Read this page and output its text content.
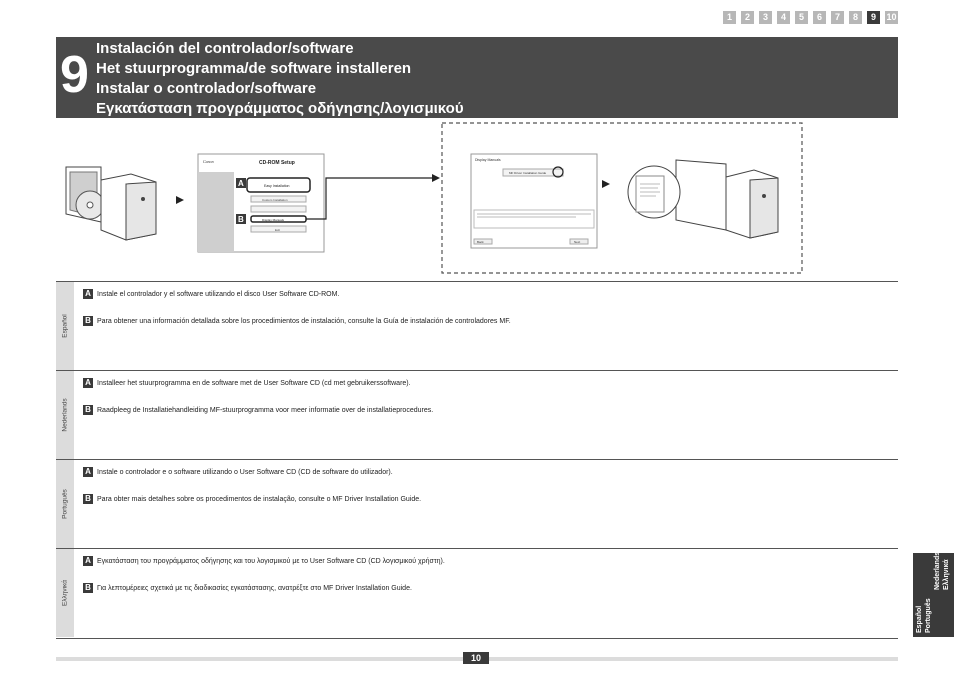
1	2	3	4	5	6	7	8	9	10
9 Instalación del controlador/software
Het stuurprogramma/de software installeren
Instalar o controlador/software
Εγκατάσταση προγράμματος οδήγησης/λογισμικού
Canon	CD-ROM Setup
Easy Installation
Custom Installation
Display Manuals
Exit
A
B
Display Manuals
MF Driver Installation Guide
Back	Next
Español
A Instale el controlador y el software utilizando el disco User Software CD-ROM.
B Para obtener una información detallada sobre los procedimientos de instalación, consulte la Guía de instalación de controladores MF.
Nederlands
A Installeer het stuurprogramma en de software met de User Software CD (cd met gebruikerssoftware).
B Raadpleeg de Installatiehandleiding MF-stuurprogramma voor meer informatie over de installatieprocedures.
Português
A Instale o controlador e o software utilizando o User Software CD (CD de software do utilizador).
B Para obter mais detalhes sobre os procedimentos de instalação, consulte o MF Driver Installation Guide.
Ελληνικά
A Εγκατάσταση του προγράμματος οδήγησης και του λογισμικού με το User Software CD (CD λογισμικού χρήστη).
B Για λεπτομέρειες σχετικά με τις διαδικασίες εγκατάστασης, ανατρέξτε στο MF Driver Installation Guide.
10
Español
Nederlands
Português
Ελληνικά
